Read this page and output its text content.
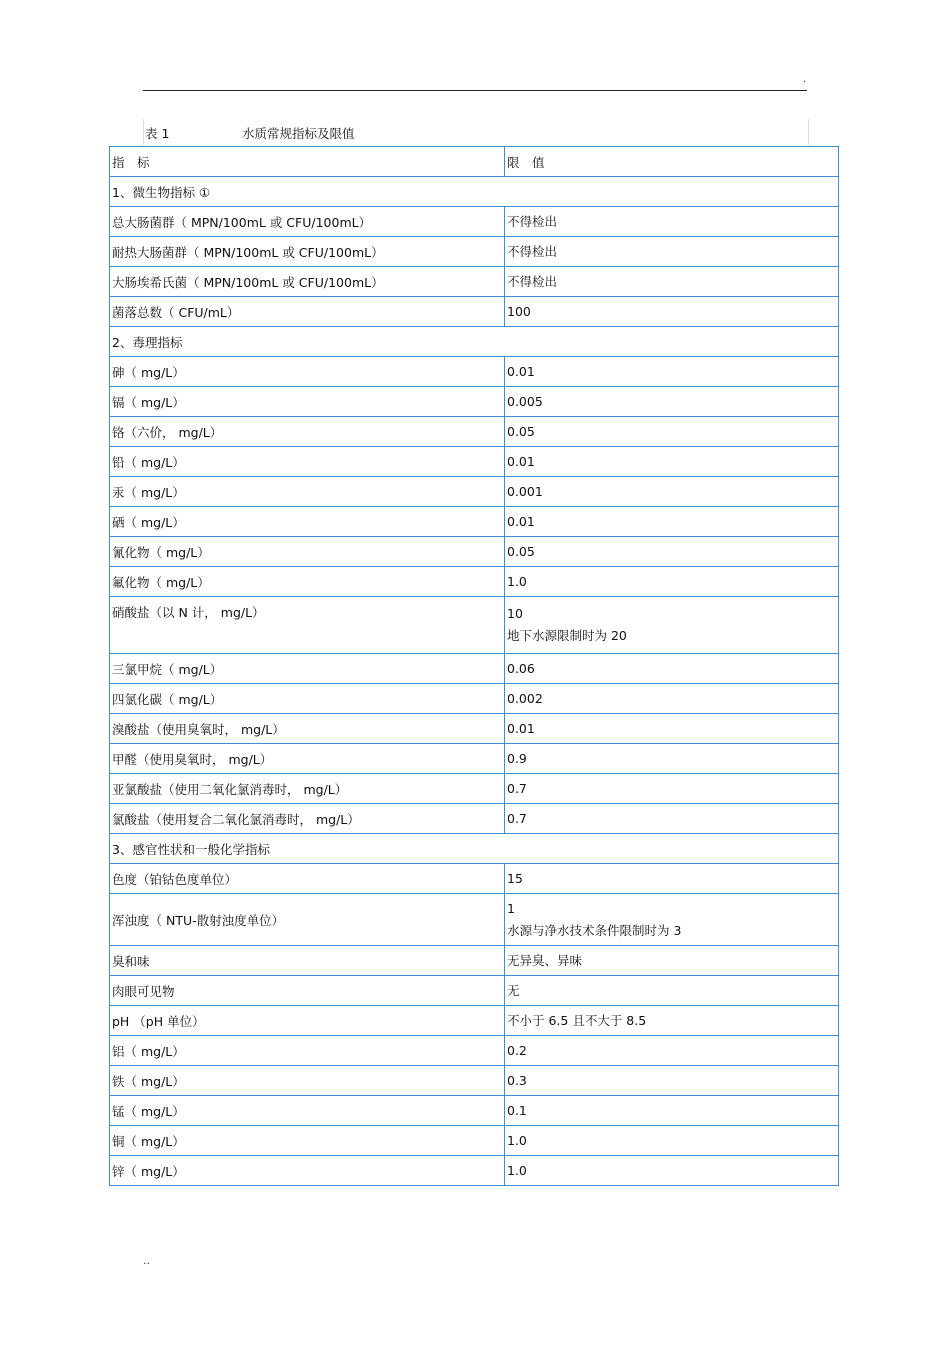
.
表 1	水质常规指标及限值
指　标	限　值
1、微生物指标 ①	
总大肠菌群（ MPN/100mL 或 CFU/100mL）	不得检出

耐热大肠菌群（ MPN/100mL 或 CFU/100mL）	不得检出

大肠埃希氏菌（ MPN/100mL 或 CFU/100mL）	不得检出

菌落总数（ CFU/mL）	100

2、毒理指标	
砷（ mg/L）	0.01

镉（ mg/L）	0.005

铬（六价， mg/L）	0.05

铅（ mg/L）	0.01

汞（ mg/L）	0.001

硒（ mg/L）	0.01

氰化物（ mg/L）	0.05

氟化物（ mg/L）	1.0

硝酸盐（以 N 计， mg/L）	10
地下水源限制时为 20

三氯甲烷（ mg/L）	0.06

四氯化碳（ mg/L）	0.002

溴酸盐（使用臭氧时， mg/L）	0.01

甲醛（使用臭氧时， mg/L）	0.9

亚氯酸盐（使用二氧化氯消毒时， mg/L）	0.7

氯酸盐（使用复合二氧化氯消毒时， mg/L）	0.7

3、感官性状和一般化学指标	
色度（铂钴色度单位）	15

浑浊度（ NTU-散射浊度单位）	1
水源与净水技术条件限制时为 3

臭和味	无异臭、异味

肉眼可见物	无

pH （pH 单位）	不小于 6.5 且不大于 8.5

铝（ mg/L）	0.2

铁（ mg/L）	0.3

锰（ mg/L）	0.1

铜（ mg/L）	1.0

锌（ mg/L）	1.0
..
